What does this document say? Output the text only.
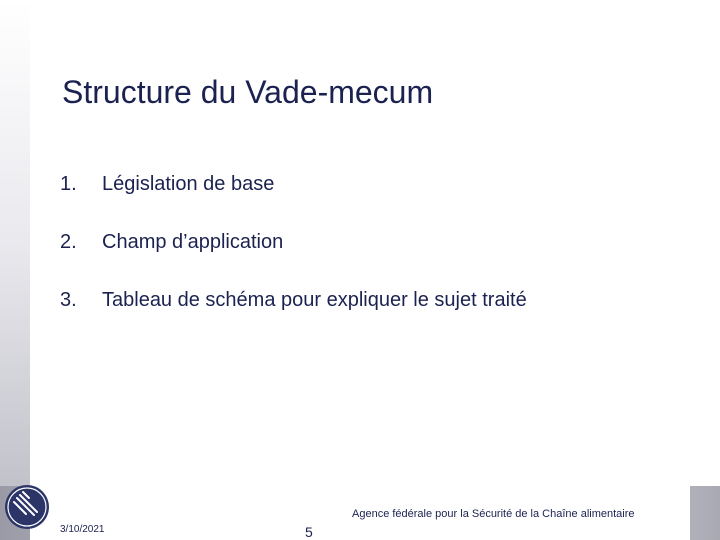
Structure du Vade-mecum
1.	Législation de base
2.	Champ d’application
3.	Tableau de schéma pour expliquer le sujet traité
Agence fédérale pour la Sécurité de la Chaîne alimentaire
3/10/2021	5
